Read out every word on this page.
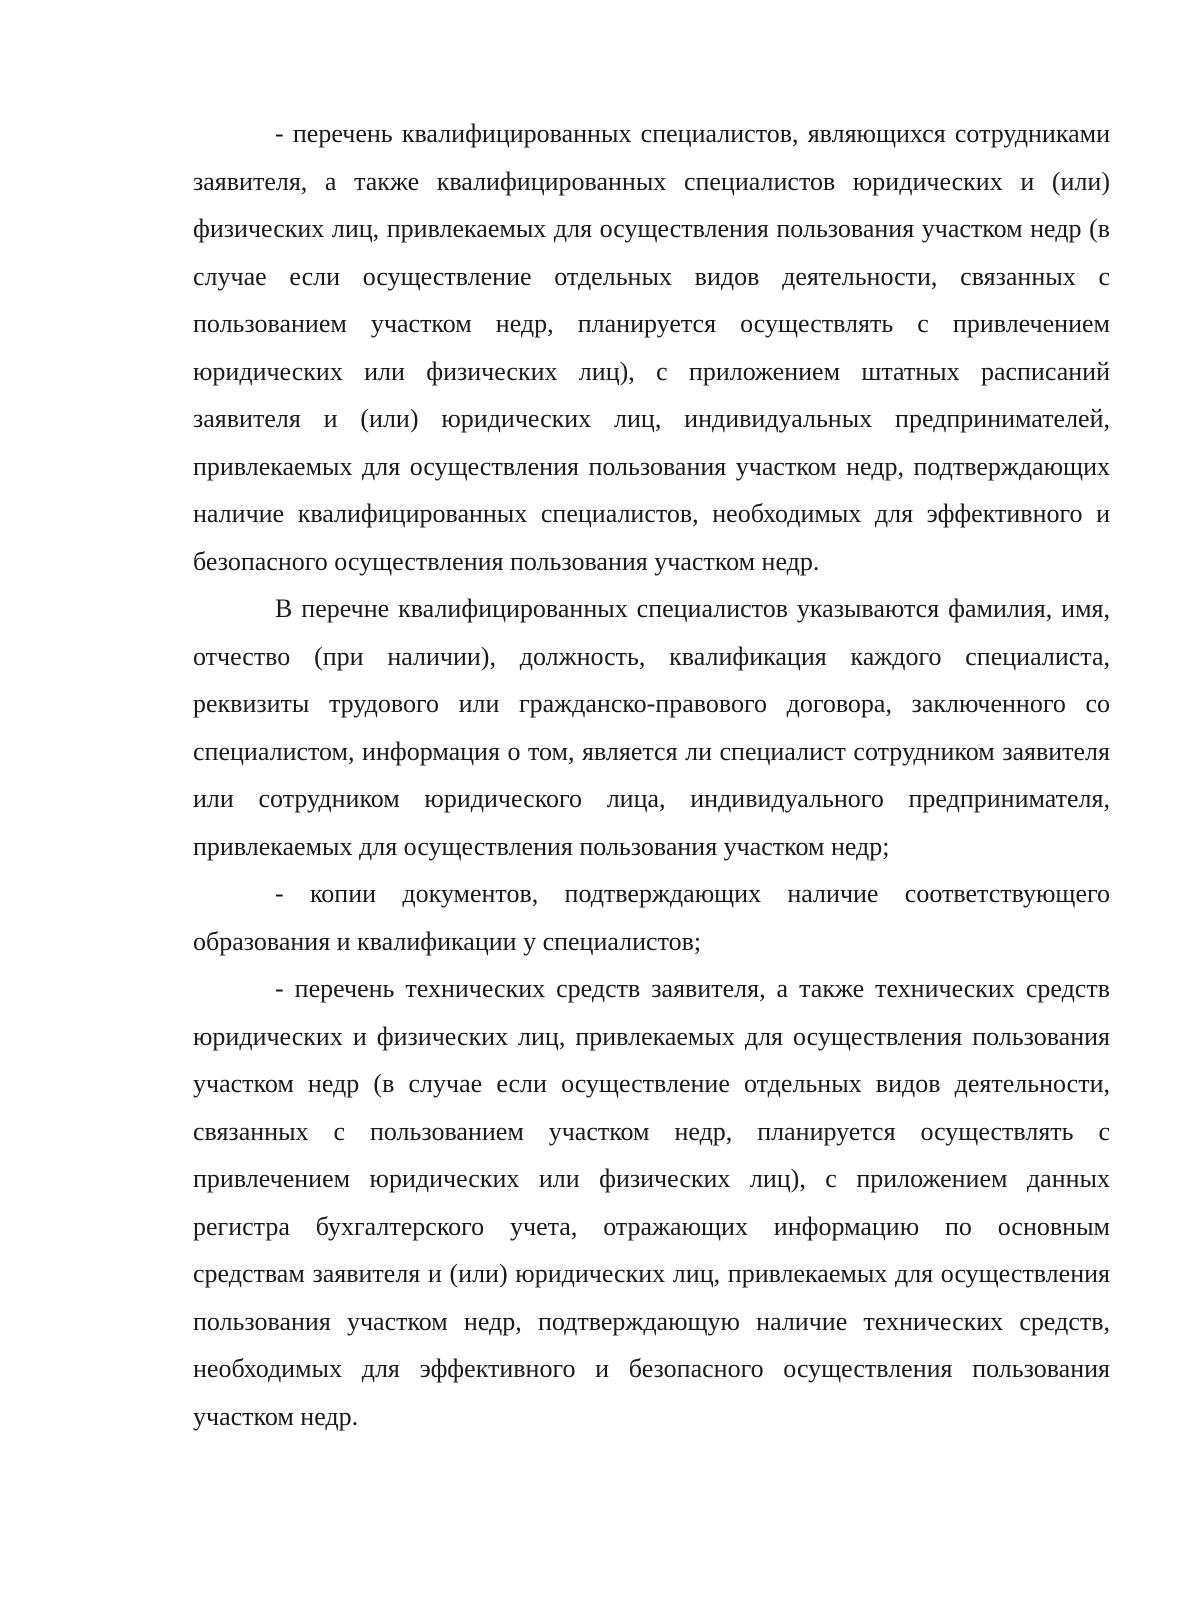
- перечень квалифицированных специалистов, являющихся сотрудниками заявителя, а также квалифицированных специалистов юридических и (или) физических лиц, привлекаемых для осуществления пользования участком недр (в случае если осуществление отдельных видов деятельности, связанных с пользованием участком недр, планируется осуществлять с привлечением юридических или физических лиц), с приложением штатных расписаний заявителя и (или) юридических лиц, индивидуальных предпринимателей, привлекаемых для осуществления пользования участком недр, подтверждающих наличие квалифицированных специалистов, необходимых для эффективного и безопасного осуществления пользования участком недр.

В перечне квалифицированных специалистов указываются фамилия, имя, отчество (при наличии), должность, квалификация каждого специалиста, реквизиты трудового или гражданско-правового договора, заключенного со специалистом, информация о том, является ли специалист сотрудником заявителя или сотрудником юридического лица, индивидуального предпринимателя, привлекаемых для осуществления пользования участком недр;

- копии документов, подтверждающих наличие соответствующего образования и квалификации у специалистов;

- перечень технических средств заявителя, а также технических средств юридических и физических лиц, привлекаемых для осуществления пользования участком недр (в случае если осуществление отдельных видов деятельности, связанных с пользованием участком недр, планируется осуществлять с привлечением юридических или физических лиц), с приложением данных регистра бухгалтерского учета, отражающих информацию по основным средствам заявителя и (или) юридических лиц, привлекаемых для осуществления пользования участком недр, подтверждающую наличие технических средств, необходимых для эффективного и безопасного осуществления пользования участком недр.
